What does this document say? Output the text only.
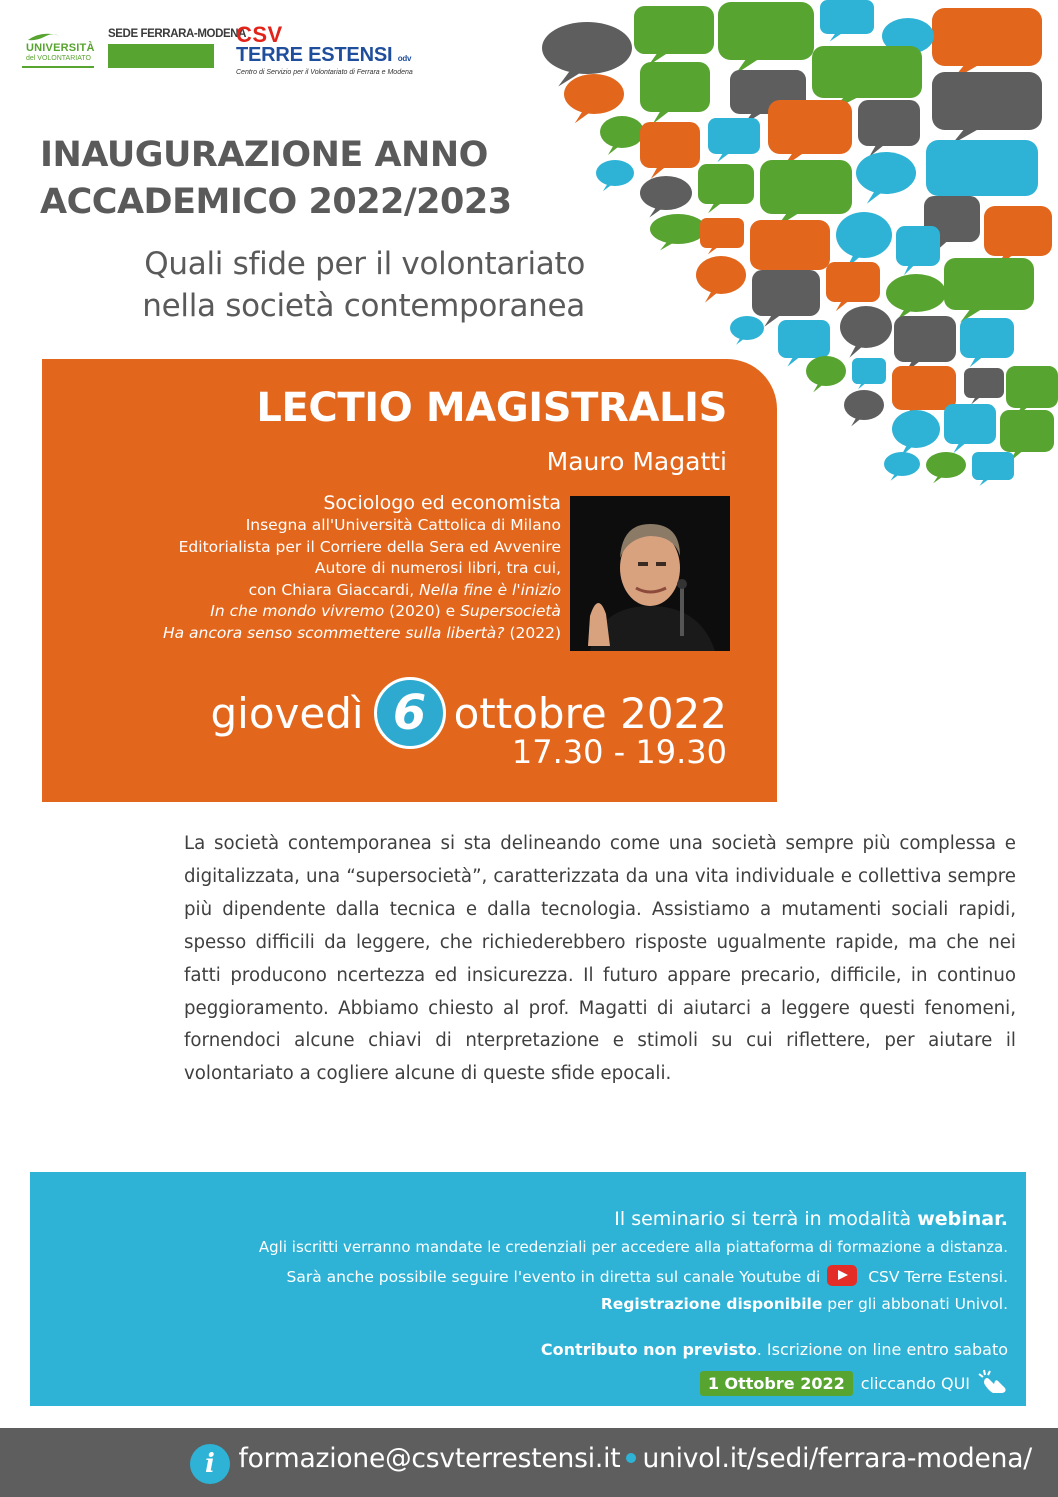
UNIVERSITÀ
del VOLONTARIATO
SEDE FERRARA-MODENA
CSV
TERRE ESTENSI odv
Centro di Servizio per il Volontariato di Ferrara e Modena
INAUGURAZIONE ANNO
ACCADEMICO 2022/2023
Quali sfide per il volontariato
nella società contemporanea
LECTIO MAGISTRALIS
Mauro Magatti
Sociologo ed economista
Insegna all'Università Cattolica di Milano
Editorialista per il Corriere della Sera ed Avvenire
Autore di numerosi libri, tra cui,
con Chiara Giaccardi, Nella fine è l'inizio
In che mondo vivremo (2020) e Supersocietà
Ha ancora senso scommettere sulla libertà? (2022)
giovedì 6 ottobre 2022
17.30 - 19.30
La società contemporanea si sta delineando come una società sempre più complessa e digitalizzata, una “supersocietà”, caratterizzata da una vita individuale e collettiva sempre più dipendente dalla tecnica e dalla tecnologia. Assistiamo a mutamenti sociali rapidi, spesso difficili da leggere, che richiederebbero risposte ugualmente rapide, ma che nei fatti producono ncertezza ed insicurezza. Il futuro appare precario, difficile, in continuo peggioramento. Abbiamo chiesto al prof. Magatti di aiutarci a leggere questi fenomeni, fornendoci alcune chiavi di nterpretazione e stimoli su cui riflettere, per aiutare il volontariato a cogliere alcune di queste sfide epocali.
Il seminario si terrà in modalità webinar.
Agli iscritti verranno mandate le credenziali per accedere alla piattaforma di formazione a distanza.
Sarà anche possibile seguire l'evento in diretta sul canale Youtube di	CSV Terre Estensi.
Registrazione disponibile per gli abbonati Univol.
Contributo non previsto. Iscrizione on line entro sabato
1 Ottobre 2022	cliccando QUI
i formazione@csvterrestensi.it univol.it/sedi/ferrara-modena/
